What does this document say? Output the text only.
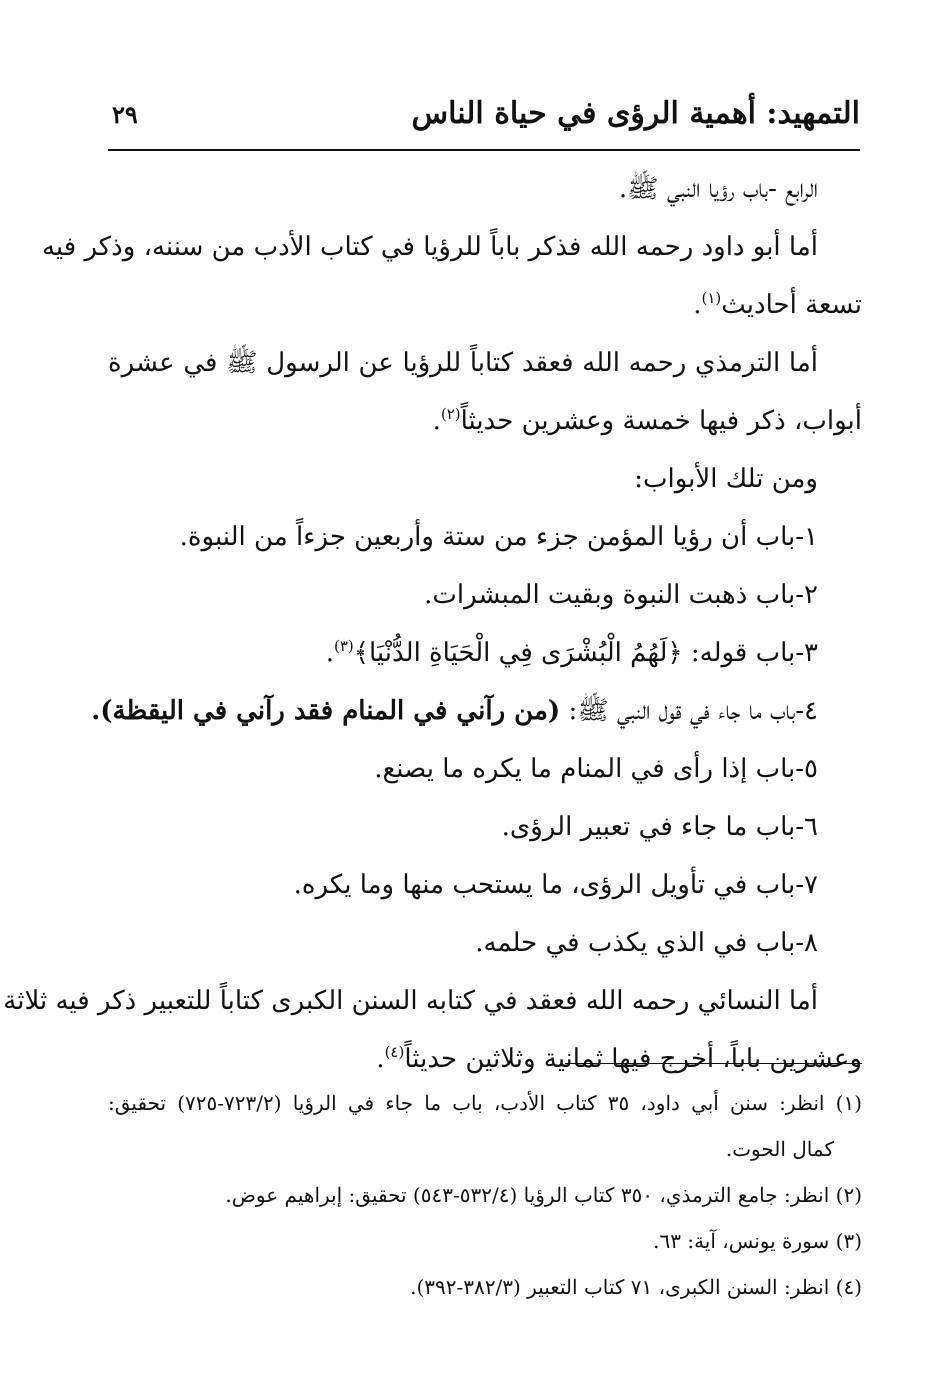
التمهيد: أهمية الرؤى في حياة الناس
٢٩
الرابع -باب رؤيا النبي ﷺ.
أما أبو داود رحمه الله فذكر باباً للرؤيا في كتاب الأدب من سننه، وذكر فيه
تسعة أحاديث$^{(١)}$.
أما الترمذي رحمه الله فعقد كتاباً للرؤيا عن الرسول ﷺ في عشرة
أبواب، ذكر فيها خمسة وعشرين حديثاً$^{(٢)}$.
ومن تلك الأبواب:
١-باب أن رؤيا المؤمن جزء من ستة وأربعين جزءاً من النبوة.
٢-باب ذهبت النبوة وبقيت المبشرات.
٣-باب قوله: ﴿لَهُمُ الْبُشْرَى فِي الْحَيَاةِ الدُّنْيَا﴾$^{(٣)}$.
٤-باب ما جاء في قول النبي ﷺ: (من رآني في المنام فقد رآني في اليقظة).
٥-باب إذا رأى في المنام ما يكره ما يصنع.
٦-باب ما جاء في تعبير الرؤى.
٧-باب في تأويل الرؤى، ما يستحب منها وما يكره.
٨-باب في الذي يكذب في حلمه.
أما النسائي رحمه الله فعقد في كتابه السنن الكبرى كتاباً للتعبير ذكر فيه ثلاثة
وعشرين باباً، أخرج فيها ثمانية وثلاثين حديثاً$^{(٤)}$.
(١) انظر: سنن أبي داود، ٣٥ كتاب الأدب، باب ما جاء في الرؤيا (٧٢٣/٢-٧٢٥) تحقيق:
كمال الحوت.
(٢) انظر: جامع الترمذي، ٣٥٠ كتاب الرؤيا (٥٣٢/٤-٥٤٣) تحقيق: إبراهيم عوض.
(٣) سورة يونس، آية: ٦٣.
(٤) انظر: السنن الكبرى، ٧١ كتاب التعبير (٣٨٢/٣-٣٩٢).
